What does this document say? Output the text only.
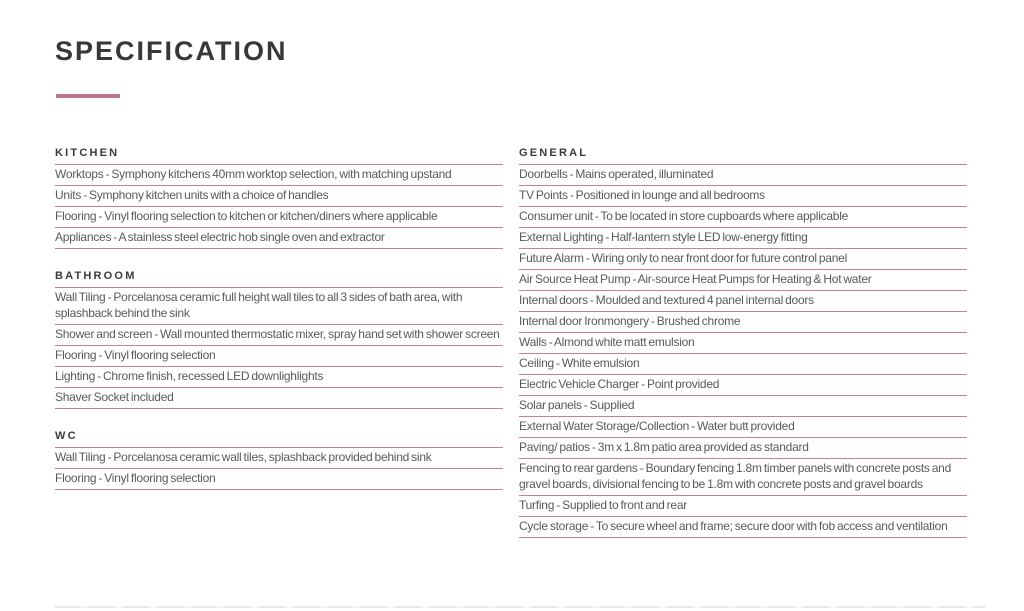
SPECIFICATION
KITCHEN
Worktops - Symphony kitchens 40mm worktop selection, with matching upstand
Units - Symphony kitchen units with a choice of handles
Flooring - Vinyl flooring selection to kitchen or kitchen/diners where applicable
Appliances - A stainless steel electric hob single oven and extractor
BATHROOM
Wall Tiling - Porcelanosa ceramic full height wall tiles to all 3 sides of bath area, with splashback behind the sink
Shower and screen - Wall mounted thermostatic mixer, spray hand set with shower screen
Flooring - Vinyl flooring selection
Lighting - Chrome finish, recessed LED downlighlights
Shaver Socket included
WC
Wall Tiling - Porcelanosa ceramic wall tiles, splashback provided behind sink
Flooring - Vinyl flooring selection
GENERAL
Doorbells - Mains operated, illuminated
TV Points - Positioned in lounge and all bedrooms
Consumer unit - To be located in store cupboards where applicable
External Lighting - Half-lantern style LED low-energy fitting
Future Alarm - Wiring only to near front door for future control panel
Air Source Heat Pump - Air-source Heat Pumps for Heating & Hot water
Internal doors - Moulded and textured 4 panel internal doors
Internal door Ironmongery - Brushed chrome
Walls - Almond white matt emulsion
Ceiling - White emulsion
Electric Vehicle Charger - Point provided
Solar panels - Supplied
External Water Storage/Collection - Water butt provided
Paving/ patios - 3m x 1.8m patio area provided as standard
Fencing to rear gardens - Boundary fencing 1.8m timber panels with concrete posts and gravel boards, divisional fencing to be 1.8m with concrete posts and gravel boards
Turfing - Supplied to front and rear
Cycle storage - To secure wheel and frame; secure door with fob access and ventilation
